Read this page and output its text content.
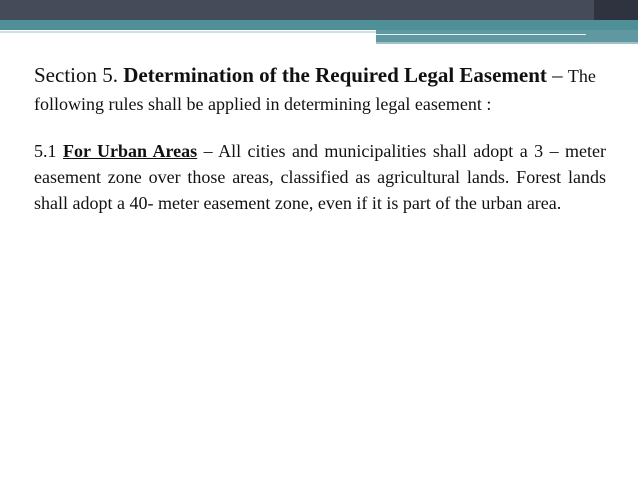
Section 5. Determination of the Required Legal Easement – The following rules shall be applied in determining legal easement :

5.1 For Urban Areas – All cities and municipalities shall adopt a 3 – meter easement zone over those areas, classified as agricultural lands. Forest lands shall adopt a 40- meter easement zone, even if it is part of the urban area.
